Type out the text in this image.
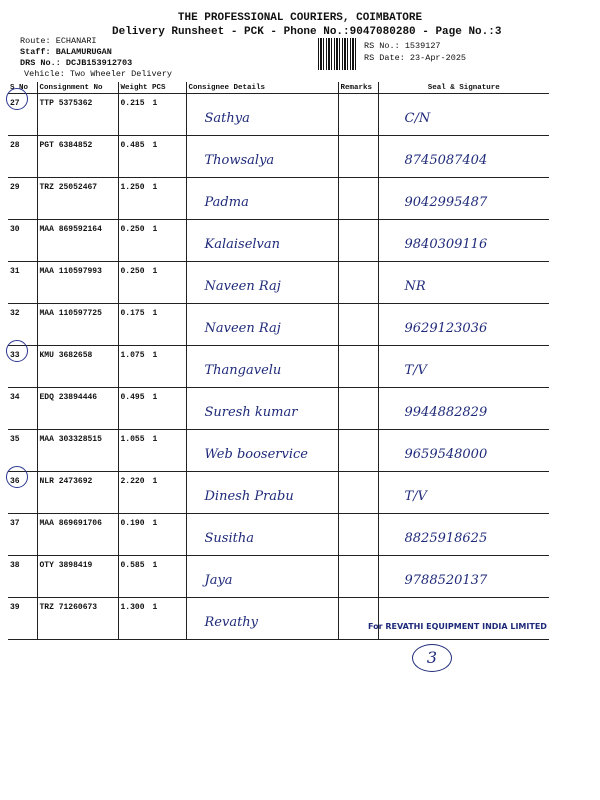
THE PROFESSIONAL COURIERS, COIMBATORE
Delivery Runsheet - PCK - Phone No.:9047080280 - Page No.:3
Route: ECHANARI
Staff: BALAMURUGAN
DRS No.: DCJB153912703
Vehicle: Two Wheeler Delivery
RS No.: 1539127
RS Date: 23-Apr-2025
S No	Consignment No	Weight PCS	Consignee Details	Remarks	Seal & Signature

27	TTP 5375362	0.215 1	Sathya		C/N

28	PGT 6384852	0.485 1	Thowsalya		8745087404

29	TRZ 25052467	1.250 1	Padma		9042995487

30	MAA 869592164	0.250 1	Kalaiselvan		9840309116

31	MAA 110597993	0.250 1	Naveen Raj		NR

32	MAA 110597725	0.175 1	Naveen Raj		9629123036

33	KMU 3682658	1.075 1	Thangavelu		T/V

34	EDQ 23894446	0.495 1	Suresh kumar		9944882829

35	MAA 303328515	1.055 1	Web booservice		9659548000

36	NLR 2473692	2.220 1	Dinesh Prabu		T/V

37	MAA 869691706	0.190 1	Susitha		8825918625

38	OTY 3898419	0.585 1	Jaya		9788520137

39	TRZ 71260673	1.300 1	Revathy		
			For REVATHI EQUIPMENT INDIA LIMITED
3
